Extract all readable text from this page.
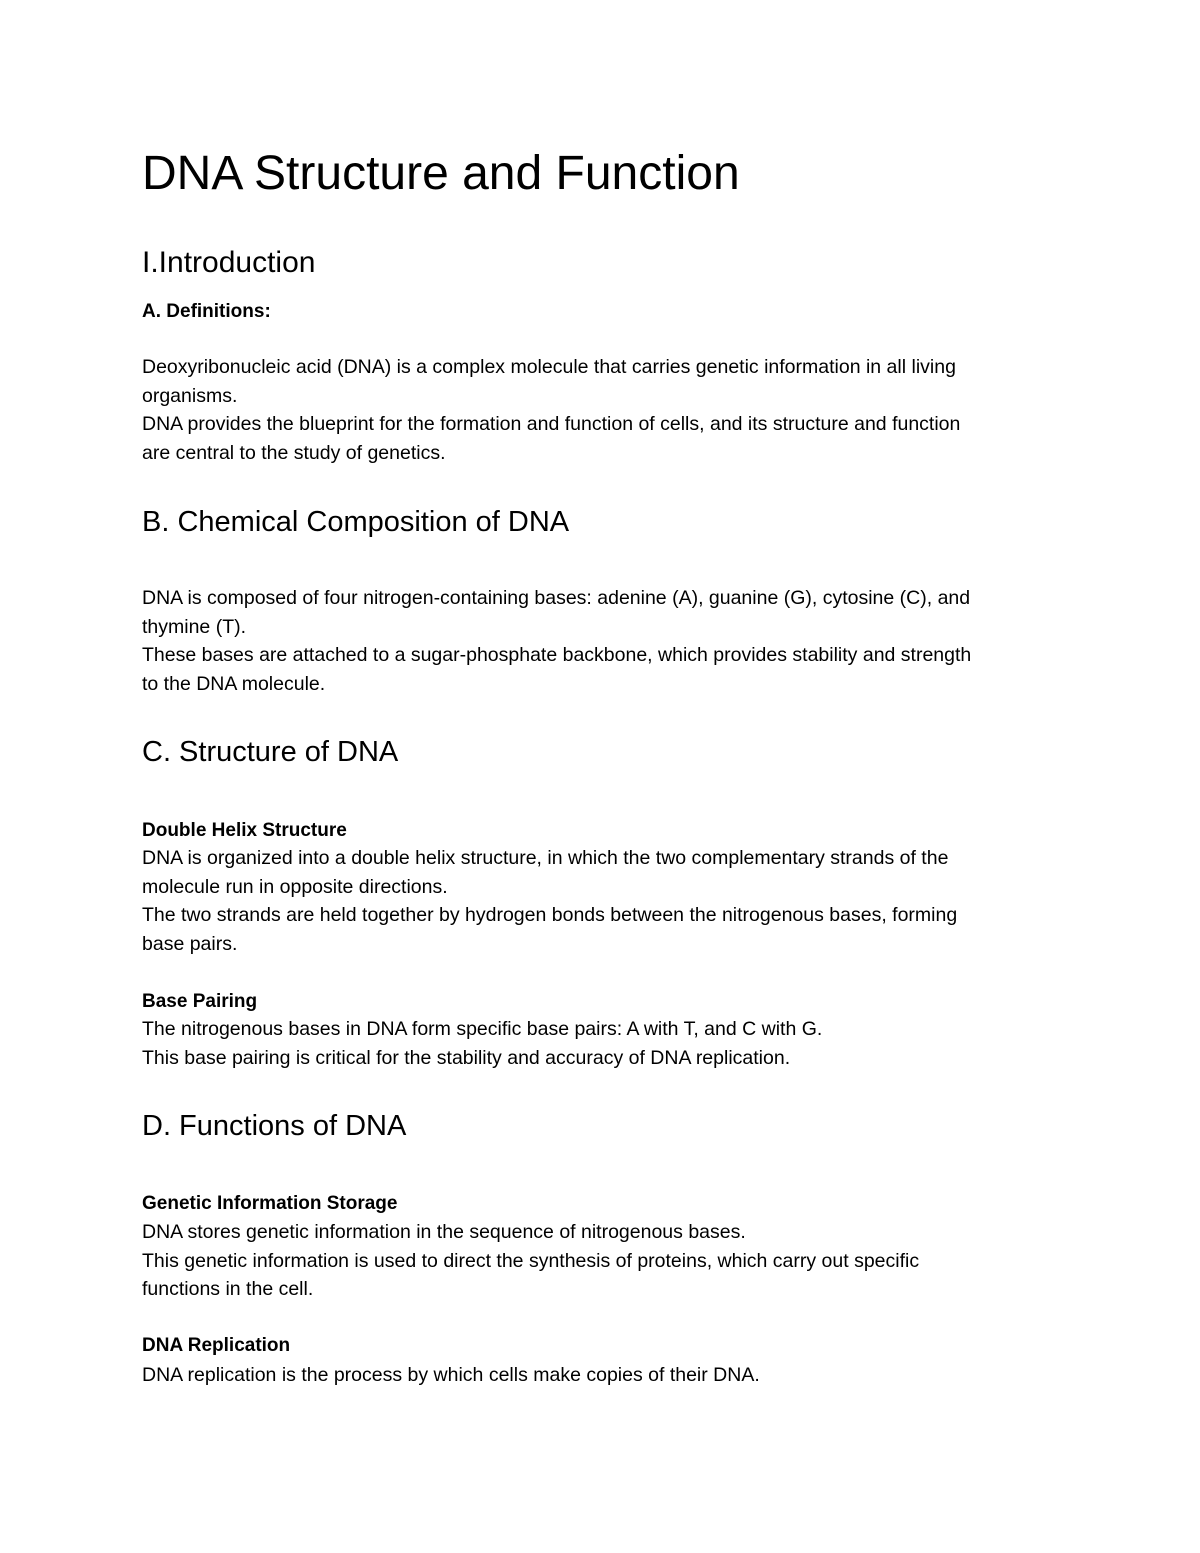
DNA Structure and Function
I.Introduction
A. Definitions:
Deoxyribonucleic acid (DNA) is a complex molecule that carries genetic information in all living
organisms.
DNA provides the blueprint for the formation and function of cells, and its structure and function
are central to the study of genetics.
B. Chemical Composition of DNA
DNA is composed of four nitrogen-containing bases: adenine (A), guanine (G), cytosine (C), and
thymine (T).
These bases are attached to a sugar-phosphate backbone, which provides stability and strength
to the DNA molecule.
C. Structure of DNA
Double Helix Structure
DNA is organized into a double helix structure, in which the two complementary strands of the
molecule run in opposite directions.
The two strands are held together by hydrogen bonds between the nitrogenous bases, forming
base pairs.
Base Pairing
The nitrogenous bases in DNA form specific base pairs: A with T, and C with G.
This base pairing is critical for the stability and accuracy of DNA replication.
D. Functions of DNA
Genetic Information Storage
DNA stores genetic information in the sequence of nitrogenous bases.
This genetic information is used to direct the synthesis of proteins, which carry out specific
functions in the cell.
DNA Replication
DNA replication is the process by which cells make copies of their DNA.
